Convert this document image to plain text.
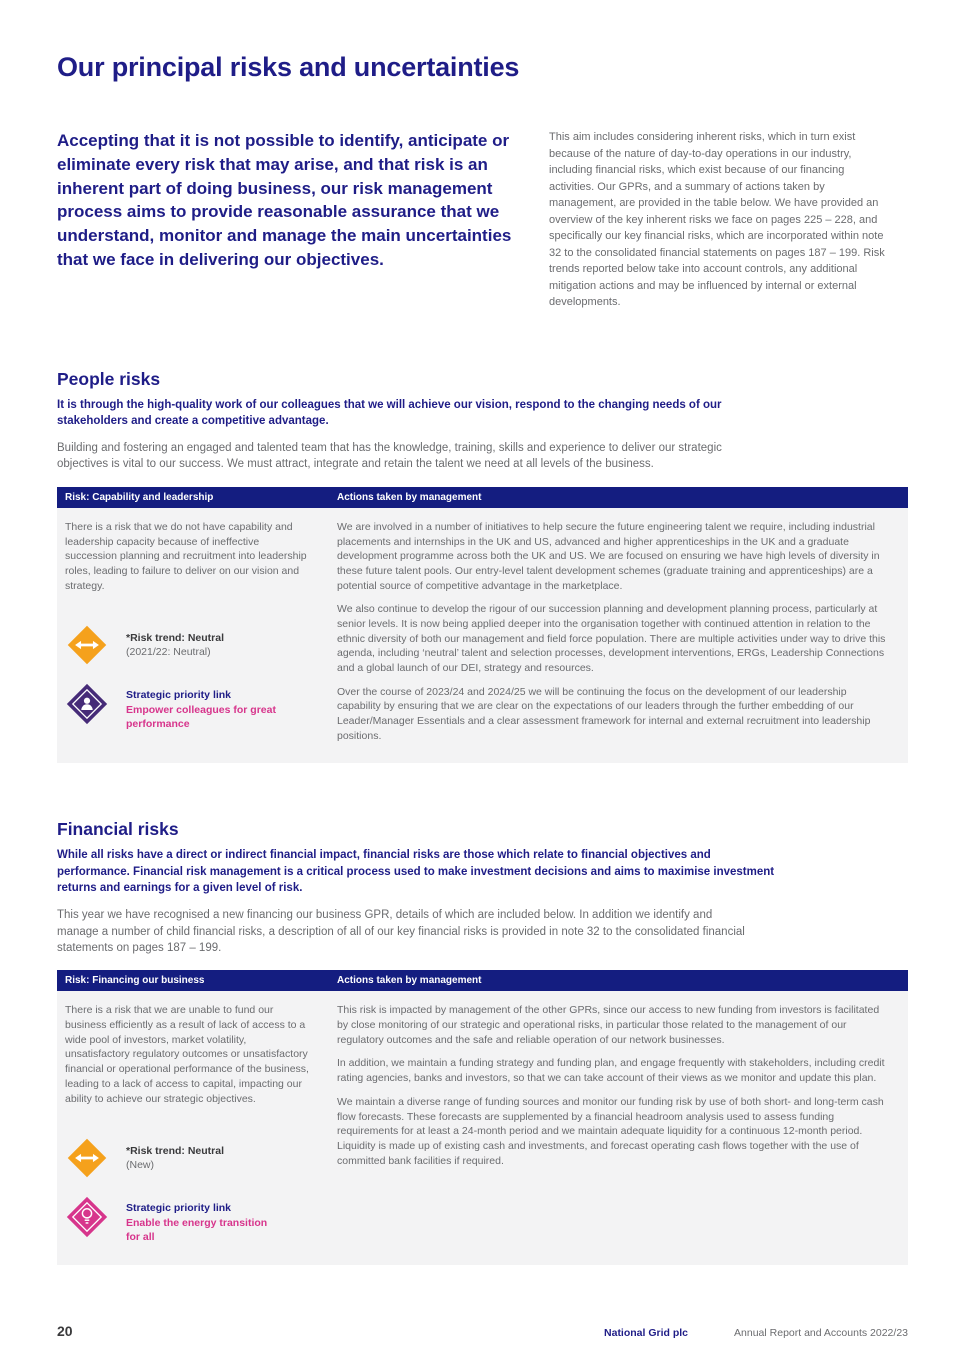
Our principal risks and uncertainties
Accepting that it is not possible to identify, anticipate or eliminate every risk that may arise, and that risk is an inherent part of doing business, our risk management process aims to provide reasonable assurance that we understand, monitor and manage the main uncertainties that we face in delivering our objectives.
This aim includes considering inherent risks, which in turn exist because of the nature of day-to-day operations in our industry, including financial risks, which exist because of our financing activities. Our GPRs, and a summary of actions taken by management, are provided in the table below. We have provided an overview of the key inherent risks we face on pages 225 – 228, and specifically our key financial risks, which are incorporated within note 32 to the consolidated financial statements on pages 187 – 199. Risk trends reported below take into account controls, any additional mitigation actions and may be influenced by internal or external developments.
People risks

It is through the high-quality work of our colleagues that we will achieve our vision, respond to the changing needs of our stakeholders and create a competitive advantage.

Building and fostering an engaged and talented team that has the knowledge, training, skills and experience to deliver our strategic objectives is vital to our success. We must attract, integrate and retain the talent we need at all levels of the business.

Risk: Capability and leadership	Actions taken by management

There is a risk that we do not have capability and leadership capacity because of ineffective succession planning and recruitment into leadership roles, leading to failure to deliver on our vision and strategy.

*Risk trend: Neutral
(2021/22: Neutral)
Strategic priority link
Empower colleagues for great performance

We are involved in a number of initiatives to help secure the future engineering talent we require, including industrial placements and internships in the UK and US, advanced and higher apprenticeships in the UK and a graduate development programme across both the UK and US. We are focused on ensuring we have high levels of diversity in these future talent pools. Our entry-level talent development schemes (graduate training and apprenticeships) are a potential source of competitive advantage in the marketplace.

We also continue to develop the rigour of our succession planning and development planning process, particularly at senior levels. It is now being applied deeper into the organisation together with continued attention in relation to the ethnic diversity of both our management and field force population. There are multiple activities under way to drive this agenda, including ‘neutral’ talent and selection processes, development interventions, ERGs, Leadership Connections and a global launch of our DEI, strategy and resources.

Over the course of 2023/24 and 2024/25 we will be continuing the focus on the development of our leadership capability by ensuring that we are clear on the expectations of our leaders through the further embedding of our Leader/Manager Essentials and a clear assessment framework for internal and external recruitment into leadership positions.

Financial risks

While all risks have a direct or indirect financial impact, financial risks are those which relate to financial objectives and performance. Financial risk management is a critical process used to make investment decisions and aims to maximise investment returns and earnings for a given level of risk.

This year we have recognised a new financing our business GPR, details of which are included below. In addition we identify and manage a number of child financial risks, a description of all of our key financial risks is provided in note 32 to the consolidated financial statements on pages 187 – 199.

Risk: Financing our business	Actions taken by management

There is a risk that we are unable to fund our business efficiently as a result of lack of access to a wide pool of investors, market volatility, unsatisfactory regulatory outcomes or unsatisfactory financial or operational performance of the business, leading to a lack of access to capital, impacting our ability to achieve our strategic objectives.

*Risk trend: Neutral
(New)
Strategic priority link
Enable the energy transition for all

This risk is impacted by management of the other GPRs, since our access to new funding from investors is facilitated by close monitoring of our strategic and operational risks, in particular those related to the management of our regulatory outcomes and the safe and reliable operation of our network businesses.

In addition, we maintain a funding strategy and funding plan, and engage frequently with stakeholders, including credit rating agencies, banks and investors, so that we can take account of their views as we monitor and update this plan.

We maintain a diverse range of funding sources and monitor our funding risk by use of both short- and long-term cash flow forecasts. These forecasts are supplemented by a financial headroom analysis used to assess funding requirements for at least a 24-month period and we maintain adequate liquidity for a continuous 12-month period. Liquidity is made up of existing cash and investments, and forecast operating cash flows together with the use of committed bank facilities if required.

20	National Grid plc	Annual Report and Accounts 2022/23
